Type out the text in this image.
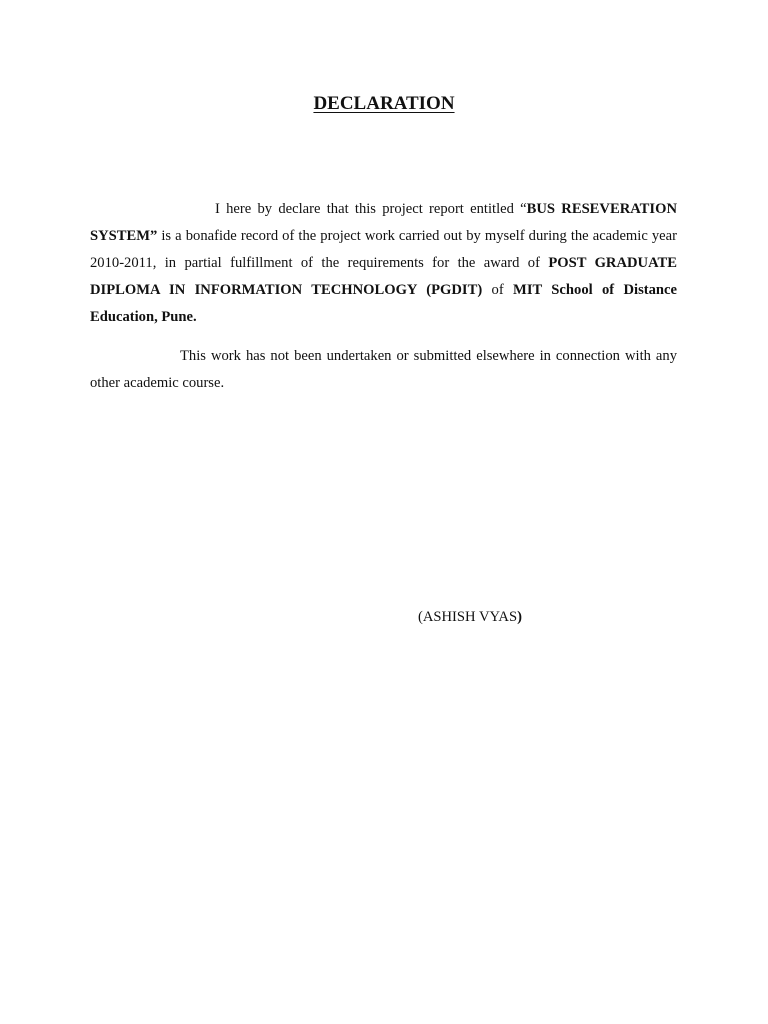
DECLARATION

I here by declare that this project report entitled “BUS RESEVERATION SYSTEM” is a bonafide record of the project work carried out by myself during the academic year 2010-2011, in partial fulfillment of the requirements for the award of POST GRADUATE DIPLOMA IN INFORMATION TECHNOLOGY (PGDIT) of MIT School of Distance Education, Pune.

This work has not been undertaken or submitted elsewhere in connection with any other academic course.

(ASHISH VYAS)
